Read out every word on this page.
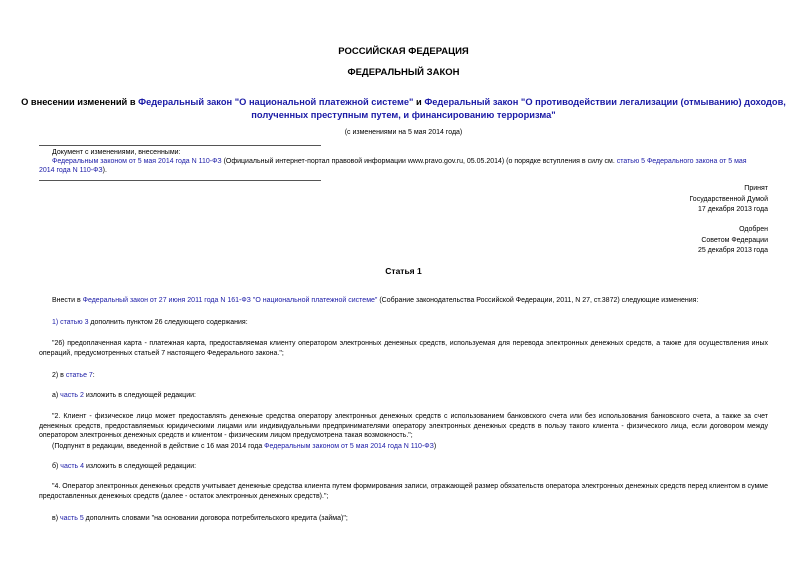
РОССИЙСКАЯ ФЕДЕРАЦИЯ
ФЕДЕРАЛЬНЫЙ ЗАКОН
О внесении изменений в Федеральный закон "О национальной платежной системе" и Федеральный закон "О противодействии легализации (отмыванию) доходов,
полученных преступным путем, и финансированию терроризма"
(с изменениями на 5 мая 2014 года)
Документ с изменениями, внесенными:
Федеральным законом от 5 мая 2014 года N 110-ФЗ (Официальный интернет-портал правовой информации www.pravo.gov.ru, 05.05.2014) (о порядке вступления в силу см. статью 5 Федерального закона от 5 мая
2014 года N 110-ФЗ).
Принят
Государственной Думой
17 декабря 2013 года
Одобрен
Советом Федерации
25 декабря 2013 года
Статья 1
Внести в Федеральный закон от 27 июня 2011 года N 161-ФЗ "О национальной платежной системе" (Собрание законодательства Российской Федерации, 2011, N 27, ст.3872) следующие изменения:
1) статью 3 дополнить пунктом 26 следующего содержания:
"26) предоплаченная карта - платежная карта, предоставляемая клиенту оператором электронных денежных средств, используемая для перевода электронных денежных средств, а также для осуществления иных операций, предусмотренных статьей 7 настоящего Федерального закона.";
2) в статье 7:
а) часть 2 изложить в следующей редакции:
"2. Клиент - физическое лицо может предоставлять денежные средства оператору электронных денежных средств с использованием банковского счета или без использования банковского счета, а также за счет денежных средств, предоставляемых юридическими лицами или индивидуальными предпринимателями оператору электронных денежных средств в пользу такого клиента - физического лица, если договором между оператором электронных денежных средств и клиентом - физическим лицом предусмотрена такая возможность.";
(Подпункт в редакции, введенной в действие с 16 мая 2014 года Федеральным законом от 5 мая 2014 года N 110-ФЗ)
б) часть 4 изложить в следующей редакции:
"4. Оператор электронных денежных средств учитывает денежные средства клиента путем формирования записи, отражающей размер обязательств оператора электронных денежных средств перед клиентом в сумме предоставленных денежных средств (далее - остаток электронных денежных средств).";
в) часть 5 дополнить словами "на основании договора потребительского кредита (займа)";
